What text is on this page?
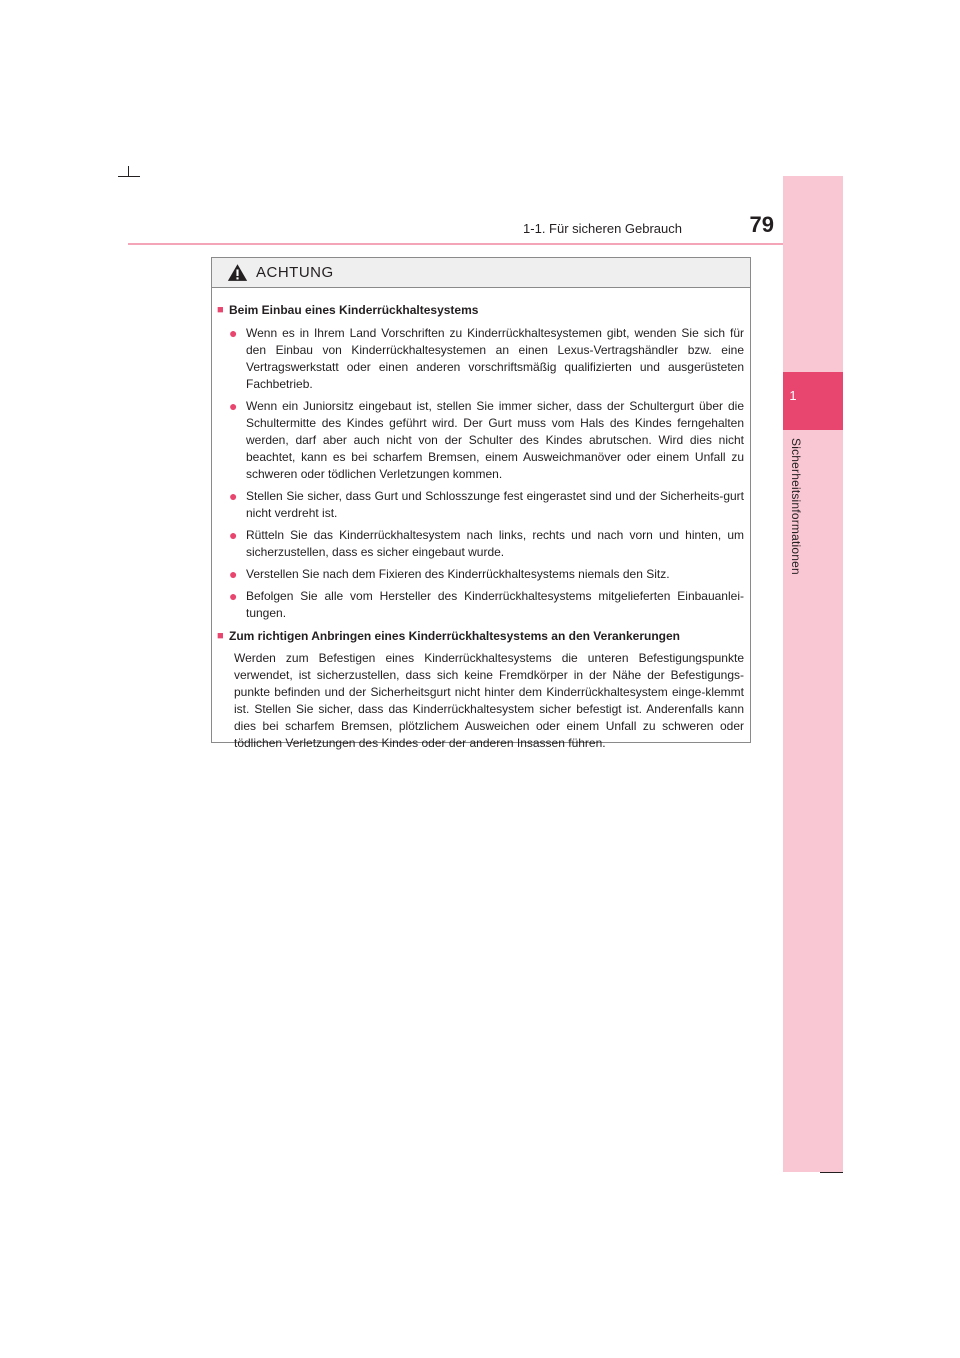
1
Sicherheitsinformationen
1-1. Für sicheren Gebrauch	79
ACHTUNG
■ Beim Einbau eines Kinderrückhaltesystems
● Wenn es in Ihrem Land Vorschriften zu Kinderrückhaltesystemen gibt, wenden Sie sich für den Einbau von Kinderrückhaltesystemen an einen Lexus-Vertragshändler bzw. eine Vertragswerkstatt oder einen anderen vorschriftsmäßig qualifizierten und ausgerüsteten Fachbetrieb.
● Wenn ein Juniorsitz eingebaut ist, stellen Sie immer sicher, dass der Schultergurt über die Schultermitte des Kindes geführt wird. Der Gurt muss vom Hals des Kindes ferngehalten werden, darf aber auch nicht von der Schulter des Kindes abrutschen. Wird dies nicht beachtet, kann es bei scharfem Bremsen, einem Ausweichmanöver oder einem Unfall zu schweren oder tödlichen Verletzungen kommen.
● Stellen Sie sicher, dass Gurt und Schlosszunge fest eingerastet sind und der Sicherheits-gurt nicht verdreht ist.
● Rütteln Sie das Kinderrückhaltesystem nach links, rechts und nach vorn und hinten, um sicherzustellen, dass es sicher eingebaut wurde.
● Verstellen Sie nach dem Fixieren des Kinderrückhaltesystems niemals den Sitz.
● Befolgen Sie alle vom Hersteller des Kinderrückhaltesystems mitgelieferten Einbauanlei-tungen.
■ Zum richtigen Anbringen eines Kinderrückhaltesystems an den Verankerungen
Werden zum Befestigen eines Kinderrückhaltesystems die unteren Befestigungspunkte verwendet, ist sicherzustellen, dass sich keine Fremdkörper in der Nähe der Befestigungs-punkte befinden und der Sicherheitsgurt nicht hinter dem Kinderrückhaltesystem einge-klemmt ist. Stellen Sie sicher, dass das Kinderrückhaltesystem sicher befestigt ist. Anderenfalls kann dies bei scharfem Bremsen, plötzlichem Ausweichen oder einem Unfall zu schweren oder tödlichen Verletzungen des Kindes oder der anderen Insassen führen.
